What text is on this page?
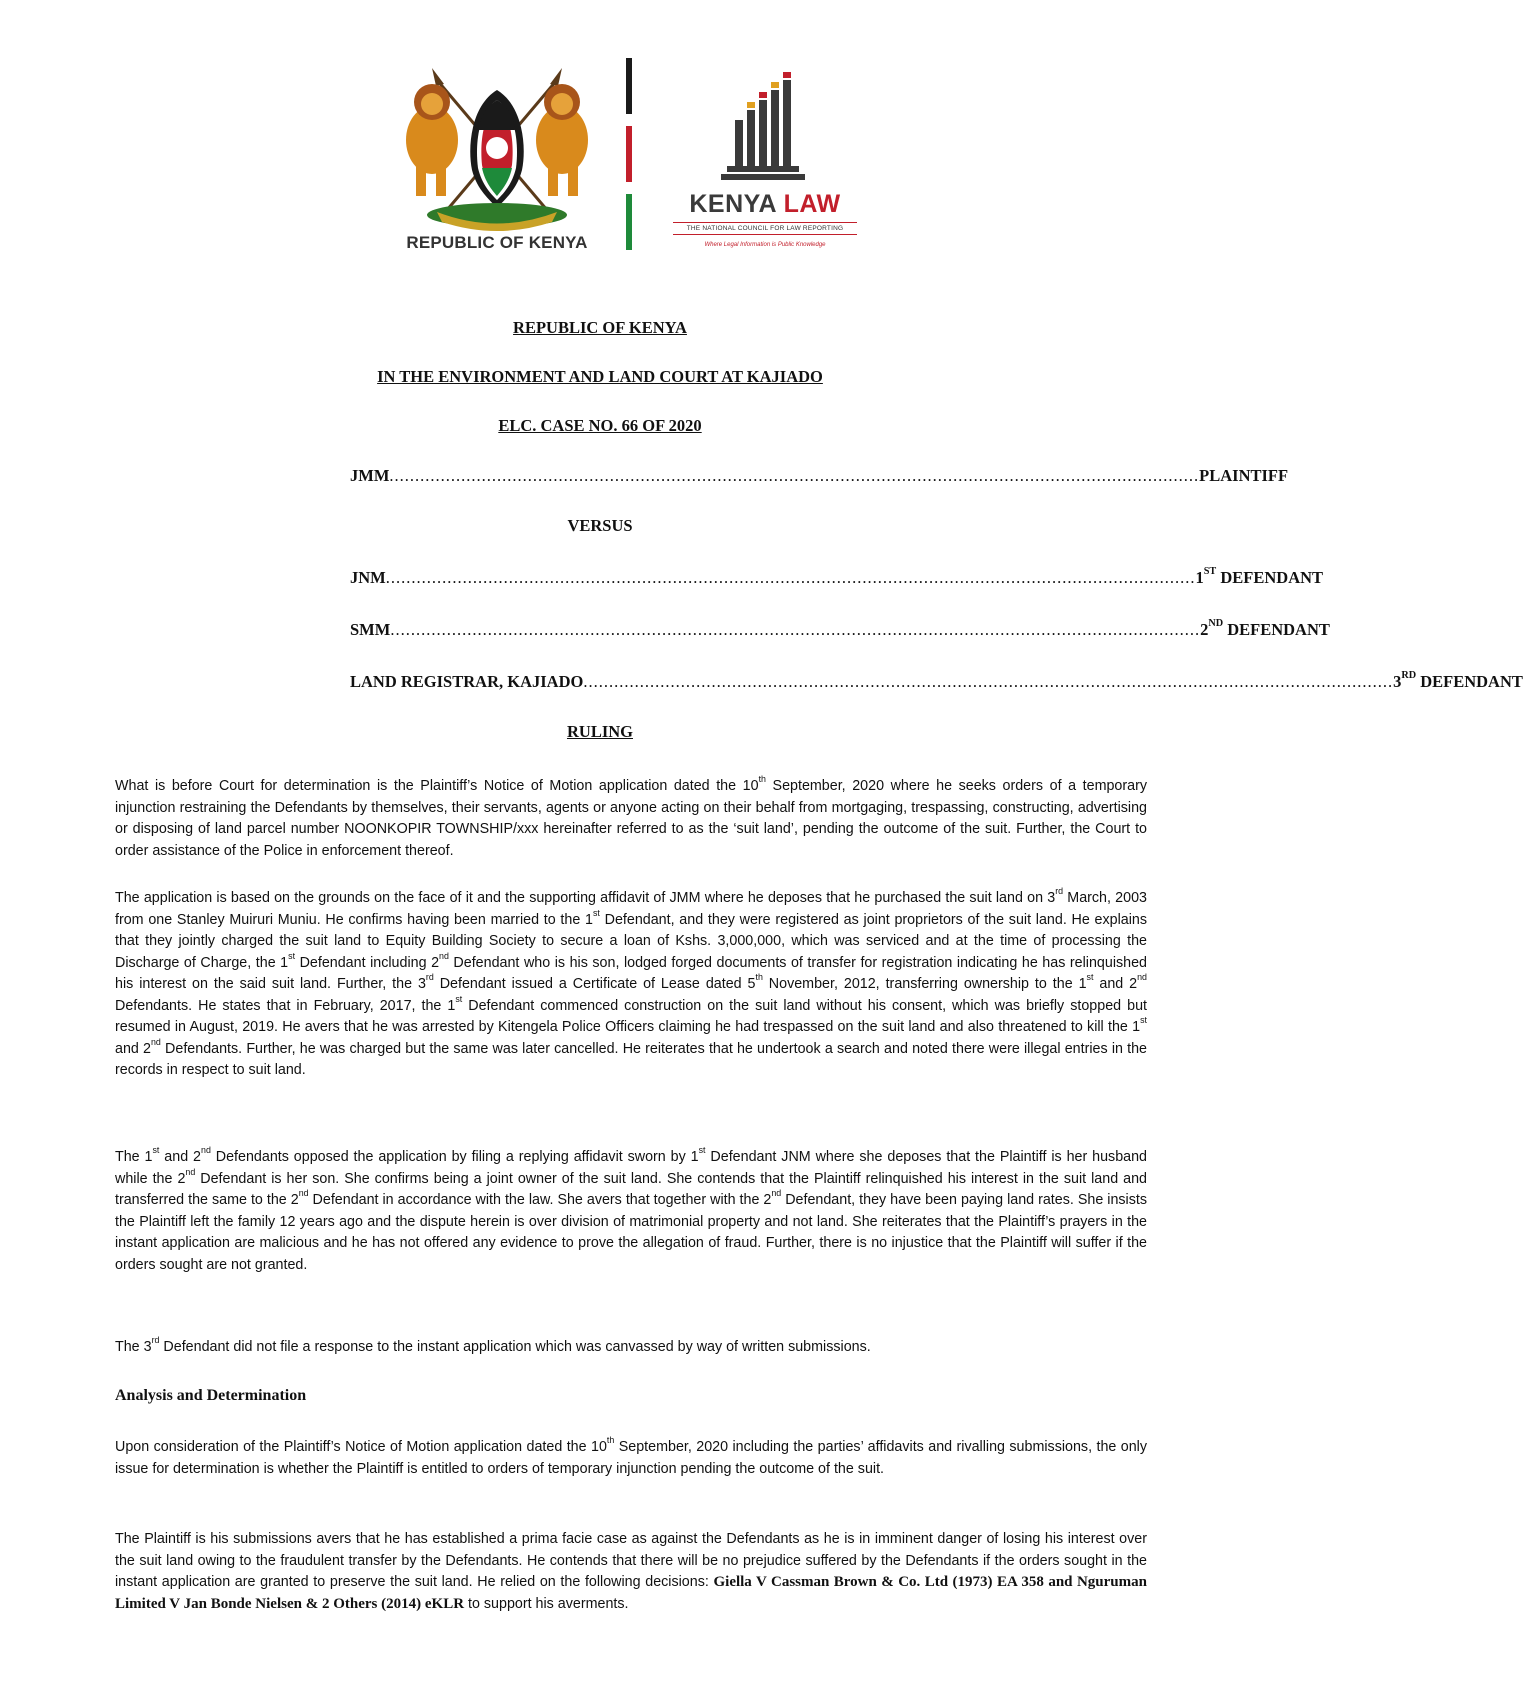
REPUBLIC OF KENYA
KENYA LAW
THE NATIONAL COUNCIL FOR LAW REPORTING
Where Legal Information is Public Knowledge
REPUBLIC OF KENYA
IN THE ENVIRONMENT AND LAND COURT AT KAJIADO
ELC. CASE NO. 66 OF 2020
JMM .............................................................................................................................................................. PLAINTIFF
VERSUS
JNM .............................................................................................................................................................. 1ST DEFENDANT
SMM .............................................................................................................................................................. 2ND DEFENDANT
LAND REGISTRAR, KAJIADO .............................................................................................................................................................. 3RD DEFENDANT
RULING
What is before Court for determination is the Plaintiff’s Notice of Motion application dated the 10th September, 2020 where he seeks orders of a temporary injunction restraining the Defendants by themselves, their servants, agents or anyone acting on their behalf from mortgaging, trespassing, constructing, advertising or disposing of land parcel number NOONKOPIR TOWNSHIP/xxx hereinafter referred to as the ‘suit land’, pending the outcome of the suit. Further, the Court to order assistance of the Police in enforcement thereof.
The application is based on the grounds on the face of it and the supporting affidavit of JMM where he deposes that he purchased the suit land on 3rd March, 2003 from one Stanley Muiruri Muniu. He confirms having been married to the 1st Defendant, and they were registered as joint proprietors of the suit land. He explains that they jointly charged the suit land to Equity Building Society to secure a loan of Kshs. 3,000,000, which was serviced and at the time of processing the Discharge of Charge, the 1st Defendant including 2nd Defendant who is his son, lodged forged documents of transfer for registration indicating he has relinquished his interest on the said suit land. Further, the 3rd Defendant issued a Certificate of Lease dated 5th November, 2012, transferring ownership to the 1st and 2nd Defendants. He states that in February, 2017, the 1st Defendant commenced construction on the suit land without his consent, which was briefly stopped but resumed in August, 2019. He avers that he was arrested by Kitengela Police Officers claiming he had trespassed on the suit land and also threatened to kill the 1st and 2nd Defendants. Further, he was charged but the same was later cancelled. He reiterates that he undertook a search and noted there were illegal entries in the records in respect to suit land.
The 1st and 2nd Defendants opposed the application by filing a replying affidavit sworn by 1st Defendant JNM where she deposes that the Plaintiff is her husband while the 2nd Defendant is her son. She confirms being a joint owner of the suit land. She contends that the Plaintiff relinquished his interest in the suit land and transferred the same to the 2nd Defendant in accordance with the law. She avers that together with the 2nd Defendant, they have been paying land rates. She insists the Plaintiff left the family 12 years ago and the dispute herein is over division of matrimonial property and not land. She reiterates that the Plaintiff’s prayers in the instant application are malicious and he has not offered any evidence to prove the allegation of fraud. Further, there is no injustice that the Plaintiff will suffer if the orders sought are not granted.
The 3rd Defendant did not file a response to the instant application which was canvassed by way of written submissions.
Analysis and Determination
Upon consideration of the Plaintiff’s Notice of Motion application dated the 10th September, 2020 including the parties’ affidavits and rivalling submissions, the only issue for determination is whether the Plaintiff is entitled to orders of temporary injunction pending the outcome of the suit.
The Plaintiff is his submissions avers that he has established a prima facie case as against the Defendants as he is in imminent danger of losing his interest over the suit land owing to the fraudulent transfer by the Defendants. He contends that there will be no prejudice suffered by the Defendants if the orders sought in the instant application are granted to preserve the suit land. He relied on the following decisions: Giella V Cassman Brown & Co. Ltd (1973) EA 358 and Nguruman Limited V Jan Bonde Nielsen & 2 Others (2014) eKLR to support his averments.
